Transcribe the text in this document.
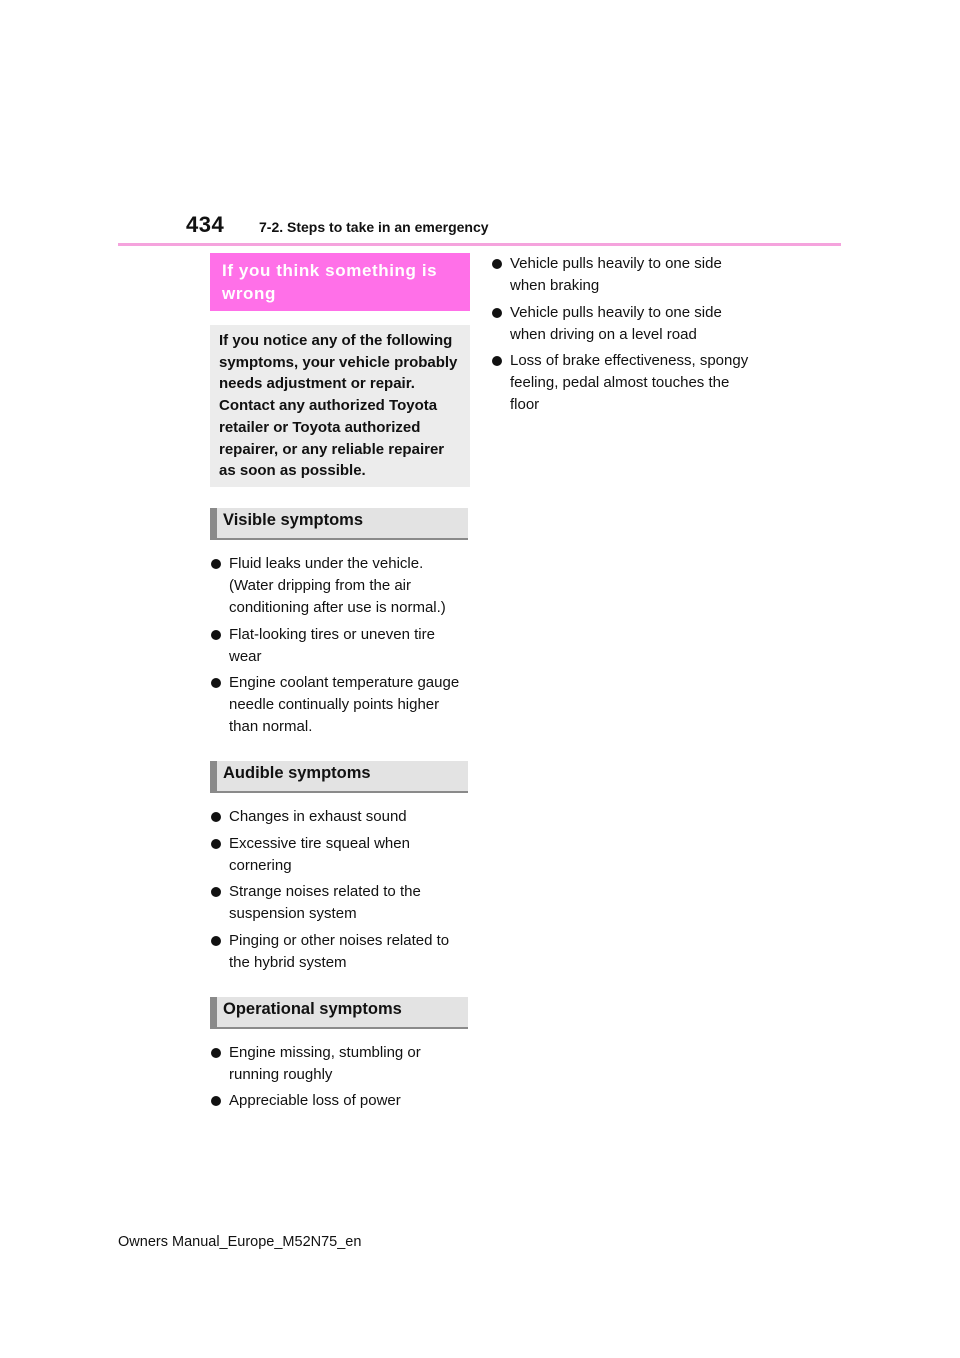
434 7-2. Steps to take in an emergency
If you think something is wrong
If you notice any of the following symptoms, your vehicle probably needs adjustment or repair. Contact any authorized Toyota retailer or Toyota authorized repairer, or any reliable repairer as soon as possible.
Visible symptoms
Fluid leaks under the vehicle. (Water dripping from the air conditioning after use is normal.)
Flat-looking tires or uneven tire wear
Engine coolant temperature gauge needle continually points higher than normal.
Audible symptoms
Changes in exhaust sound
Excessive tire squeal when cornering
Strange noises related to the suspension system
Pinging or other noises related to the hybrid system
Operational symptoms
Engine missing, stumbling or running roughly
Appreciable loss of power
Vehicle pulls heavily to one side when braking
Vehicle pulls heavily to one side when driving on a level road
Loss of brake effectiveness, spongy feeling, pedal almost touches the floor
Owners Manual_Europe_M52N75_en
